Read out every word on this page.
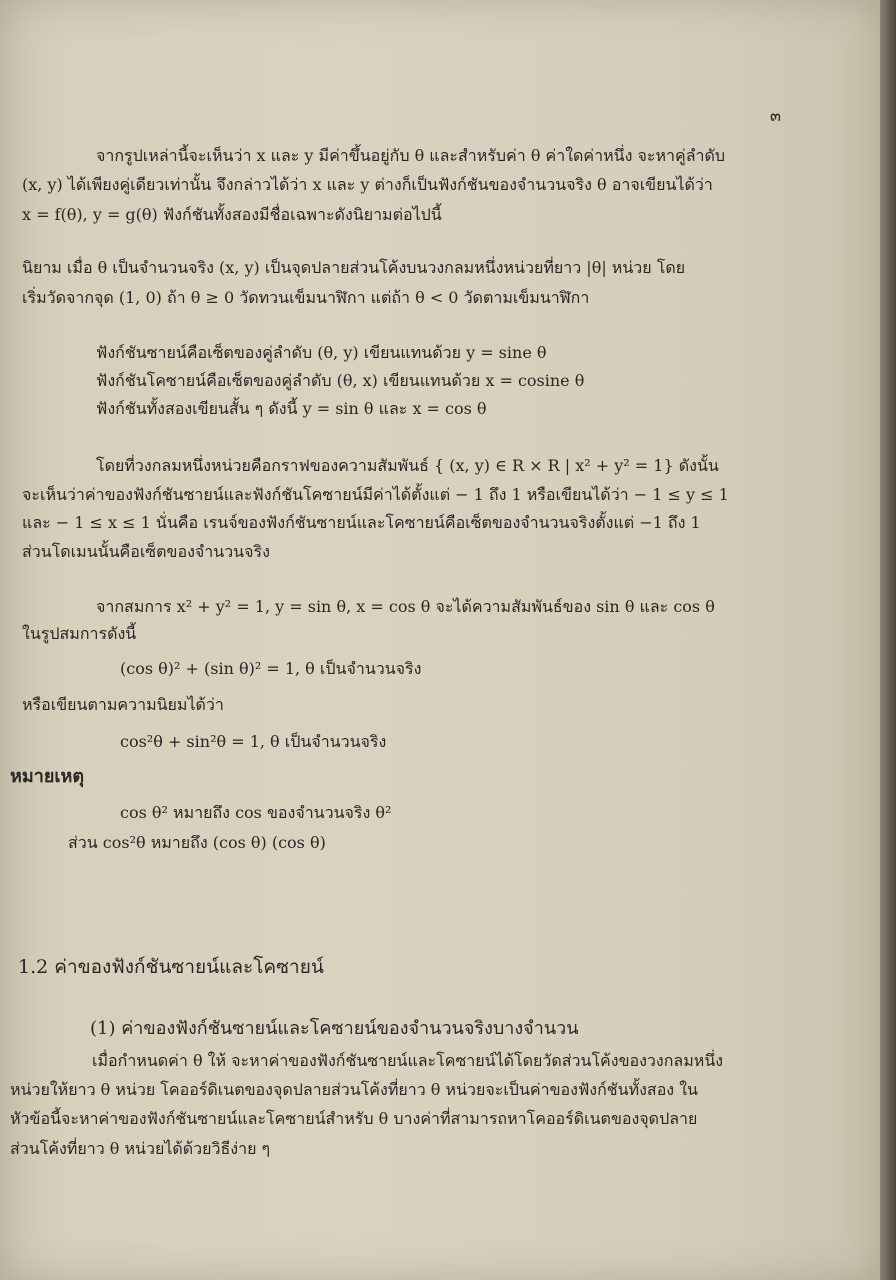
๓
จากรูปเหล่านี้จะเห็นว่า x และ y มีค่าขึ้นอยู่กับ θ และสำหรับค่า θ ค่าใดค่าหนึ่ง จะหาคู่ลำดับ
(x, y) ได้เพียงคู่เดียวเท่านั้น จึงกล่าวได้ว่า x และ y ต่างก็เป็นฟังก์ชันของจำนวนจริง θ อาจเขียนได้ว่า
x = f(θ), y = g(θ) ฟังก์ชันทั้งสองมีชื่อเฉพาะดังนิยามต่อไปนี้
นิยาม เมื่อ θ เป็นจำนวนจริง (x, y) เป็นจุดปลายส่วนโค้งบนวงกลมหนึ่งหน่วยที่ยาว |θ| หน่วย โดย
เริ่มวัดจากจุด (1, 0) ถ้า θ ≥ 0 วัดทวนเข็มนาฬิกา แต่ถ้า θ < 0 วัดตามเข็มนาฬิกา
ฟังก์ชันซายน์คือเซ็ตของคู่ลำดับ (θ, y) เขียนแทนด้วย y = sine θ
ฟังก์ชันโคซายน์คือเซ็ตของคู่ลำดับ (θ, x) เขียนแทนด้วย x = cosine θ
ฟังก์ชันทั้งสองเขียนสั้น ๆ ดังนี้ y = sin θ และ x = cos θ
โดยที่วงกลมหนึ่งหน่วยคือกราฟของความสัมพันธ์ { (x, y) ∈ R × R | x² + y² = 1} ดังนั้น
จะเห็นว่าค่าของฟังก์ชันซายน์และฟังก์ชันโคซายน์มีค่าได้ตั้งแต่ − 1 ถึง 1 หรือเขียนได้ว่า − 1 ≤ y ≤ 1
และ − 1 ≤ x ≤ 1 นั่นคือ เรนจ์ของฟังก์ชันซายน์และโคซายน์คือเซ็ตของจำนวนจริงตั้งแต่ −1 ถึง 1
ส่วนโดเมนนั้นคือเซ็ตของจำนวนจริง
จากสมการ x² + y² = 1, y = sin θ, x = cos θ จะได้ความสัมพันธ์ของ sin θ และ cos θ
ในรูปสมการดังนี้
(cos θ)² + (sin θ)² = 1, θ เป็นจำนวนจริง
หรือเขียนตามความนิยมได้ว่า
cos²θ + sin²θ = 1, θ เป็นจำนวนจริง
หมายเหตุ
cos θ² หมายถึง cos ของจำนวนจริง θ²
ส่วน cos²θ หมายถึง (cos θ) (cos θ)
1.2 ค่าของฟังก์ชันซายน์และโคซายน์
(1) ค่าของฟังก์ชันซายน์และโคซายน์ของจำนวนจริงบางจำนวน
เมื่อกำหนดค่า θ ให้ จะหาค่าของฟังก์ชันซายน์และโคซายน์ได้โดยวัดส่วนโค้งของวงกลมหนึ่ง
หน่วยให้ยาว θ หน่วย โคออร์ดิเนตของจุดปลายส่วนโค้งที่ยาว θ หน่วยจะเป็นค่าของฟังก์ชันทั้งสอง ใน
หัวข้อนี้จะหาค่าของฟังก์ชันซายน์และโคซายน์สำหรับ θ บางค่าที่สามารถหาโคออร์ดิเนตของจุดปลาย
ส่วนโค้งที่ยาว θ หน่วยได้ด้วยวิธีง่าย ๆ
